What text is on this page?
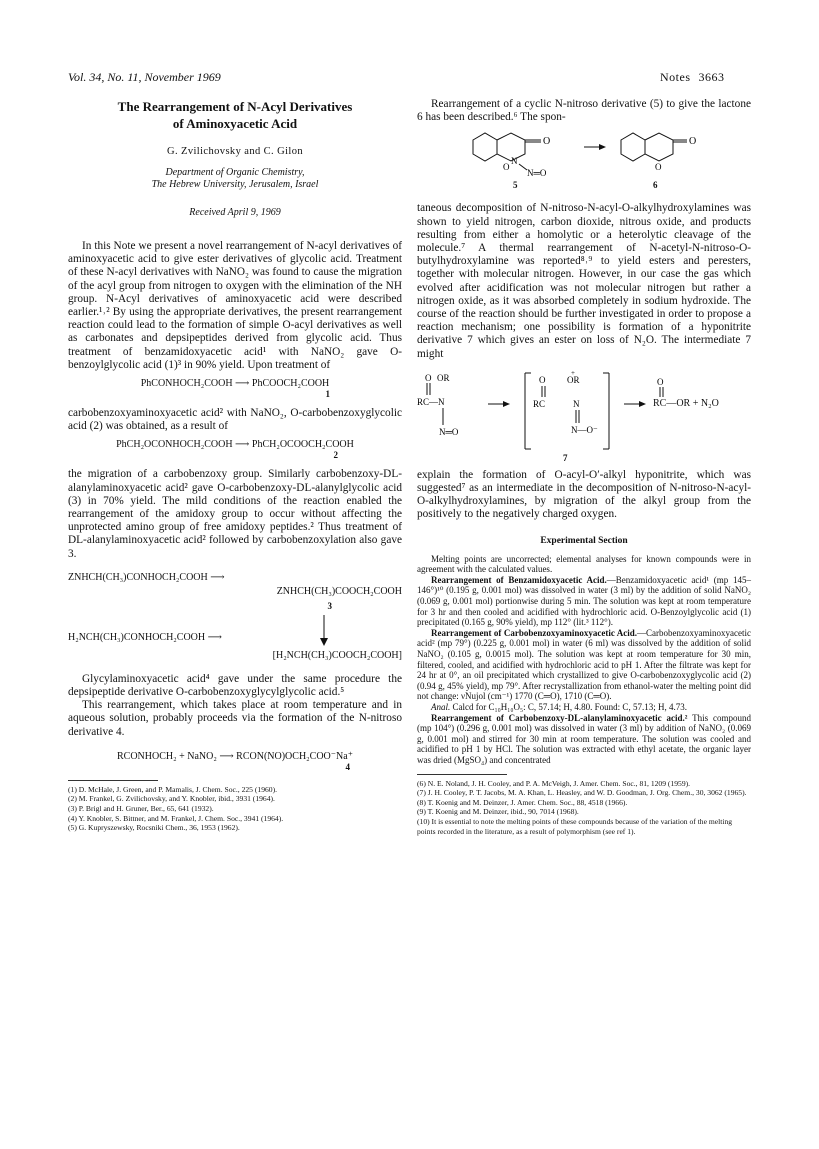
Vol. 34, No. 11, November 1969	Notes 3663
The Rearrangement of N-Acyl Derivatives
of Aminoxyacetic Acid
G. Zvilichovsky and C. Gilon
Department of Organic Chemistry,
The Hebrew University, Jerusalem, Israel
Received April 9, 1969

In this Note we present a novel rearrangement of N-acyl derivatives of aminoxyacetic acid to give ester derivatives of glycolic acid. Treatment of these N-acyl derivatives with NaNO₂ was found to cause the migration of the acyl group from nitrogen to oxygen with the elimination of the NH group. N-Acyl derivatives of aminoxyacetic acid were described earlier.¹˒² By using the appropriate derivatives, the present rearrangement reaction could lead to the formation of simple O-acyl derivatives as well as carbonates and depsipeptides derived from glycolic acid. Thus treatment of benzamidoxyacetic acid¹ with NaNO₂ gave O-benzoylglycolic acid (1)³ in 90% yield. Upon treatment of

PhCONHOCH₂COOH ⟶ PhCOOCH₂COOH
1

carbobenzoxyaminoxyacetic acid² with NaNO₂, O-carbobenzoxyglycolic acid (2) was obtained, as a result of

PhCH₂OCONHOCH₂COOH ⟶ PhCH₂OCOOCH₂COOH
2

the migration of a carbobenzoxy group. Similarly carbobenzoxy-DL-alanylaminoxyacetic acid² gave O-carbobenzoxy-DL-alanylglycolic acid (3) in 70% yield. The mild conditions of the reaction enabled the rearrangement of the amidoxy group to occur without affecting the unprotected amino group of free amidoxy peptides.² Thus treatment of DL-alanylaminoxyacetic acid² followed by carbobenzoxylation also gave 3.

ZNHCH(CH₃)CONHOCH₂COOH ⟶
ZNHCH(CH₃)COOCH₂COOH
3
H₂NCH(CH₃)CONHOCH₂COOH ⟶
[H₂NCH(CH₃)COOCH₂COOH]

Glycylaminoxyacetic acid⁴ gave under the same procedure the depsipeptide derivative O-carbobenzoxyglycylglycolic acid.⁵

This rearrangement, which takes place at room temperature and in aqueous solution, probably proceeds via the formation of the N-nitroso derivative 4.

RCONHOCH₂ + NaNO₂ ⟶ RCON(NO)OCH₂COO⁻Na⁺
4

(1) D. McHale, J. Green, and P. Mamalis, J. Chem. Soc., 225 (1960).

(2) M. Frankel, G. Zvilichovsky, and Y. Knobler, ibid., 3931 (1964).

(3) P. Brigl and H. Gruner, Ber., 65, 641 (1932).

(4) Y. Knobler, S. Bittner, and M. Frankel, J. Chem. Soc., 3941 (1964).

(5) G. Kupryszewsky, Rocsniki Chem., 36, 1953 (1962).

Rearrangement of a cyclic N-nitroso derivative (5) to give the lactone 6 has been described.⁶ The spon-

O
O
N
N═O
O
O
5	6

taneous decomposition of N-nitroso-N-acyl-O-alkylhydroxylamines was shown to yield nitrogen, carbon dioxide, nitrous oxide, and products resulting from either a homolytic or a heterolytic cleavage of the molecule.⁷ A thermal rearrangement of N-acetyl-N-nitroso-O-butylhydroxylamine was reported⁸˒⁹ to yield esters and peresters, together with molecular nitrogen. However, in our case the gas which evolved after acidification was not molecular nitrogen but rather a nitrogen oxide, as it was absorbed completely in sodium hydroxide. The course of the reaction should be further investigated in order to propose a reaction mechanism; one possibility is formation of a hyponitrite derivative 7 which gives an ester on loss of N₂O. The intermediate 7 might

O OR
RC—N
N═O
O OR
+
RC	N
N—O⁻
O
RC—OR + N₂O
7

explain the formation of O-acyl-O′-alkyl hyponitrite, which was suggested⁷ as an intermediate in the decomposition of N-nitroso-N-acyl-O-alkylhydroxylamines, by migration of the alkyl group from the positively to the negatively charged oxygen.

Experimental Section

Melting points are uncorrected; elemental analyses for known compounds were in agreement with the calculated values.

Rearrangement of Benzamidoxyacetic Acid.—Benzamidoxyacetic acid¹ (mp 145–146°)¹⁰ (0.195 g, 0.001 mol) was dissolved in water (3 ml) by the addition of solid NaNO₂ (0.069 g, 0.001 mol) portionwise during 5 min. The solution was kept at room temperature for 3 hr and then cooled and acidified with hydrochloric acid. O-Benzoylglycolic acid (1) precipitated (0.165 g, 90% yield), mp 112° (lit.³ 112°).

Rearrangement of Carbobenzoxyaminoxyacetic Acid.—Carbobenzoxyaminoxyacetic acid² (mp 79°) (0.225 g, 0.001 mol) in water (6 ml) was dissolved by the addition of solid NaNO₂ (0.105 g, 0.0015 mol). The solution was kept at room temperature for 30 min, filtered, cooled, and acidified with hydrochloric acid to pH 1. After the filtrate was kept for 24 hr at 0°, an oil precipitated which crystallized to give O-carbobenzoxyglycolic acid (2) (0.94 g, 45% yield), mp 79°. After recrystallization from ethanol-water the melting point did not change: νNujol (cm⁻¹) 1770 (C═O), 1710 (C═O).

Anal. Calcd for C₁₀H₁₀O₅: C, 57.14; H, 4.80. Found: C, 57.13; H, 4.73.

Rearrangement of Carbobenzoxy-DL-alanylaminoxyacetic acid.² This compound (mp 104°) (0.296 g, 0.001 mol) was dissolved in water (3 ml) by addition of NaNO₂ (0.069 g, 0.001 mol) and stirred for 30 min at room temperature. The solution was cooled and acidified to pH 1 by HCl. The solution was extracted with ethyl acetate, the organic layer was dried (MgSO₄) and concentrated

(6) N. E. Noland, J. H. Cooley, and P. A. McVeigh, J. Amer. Chem. Soc., 81, 1209 (1959).

(7) J. H. Cooley, P. T. Jacobs, M. A. Khan, L. Heasley, and W. D. Goodman, J. Org. Chem., 30, 3062 (1965).

(8) T. Koenig and M. Deinzer, J. Amer. Chem. Soc., 88, 4518 (1966).

(9) T. Koenig and M. Deinzer, ibid., 90, 7014 (1968).

(10) It is essential to note the melting points of these compounds because of the variation of the melting points recorded in the literature, as a result of polymorphism (see ref 1).
